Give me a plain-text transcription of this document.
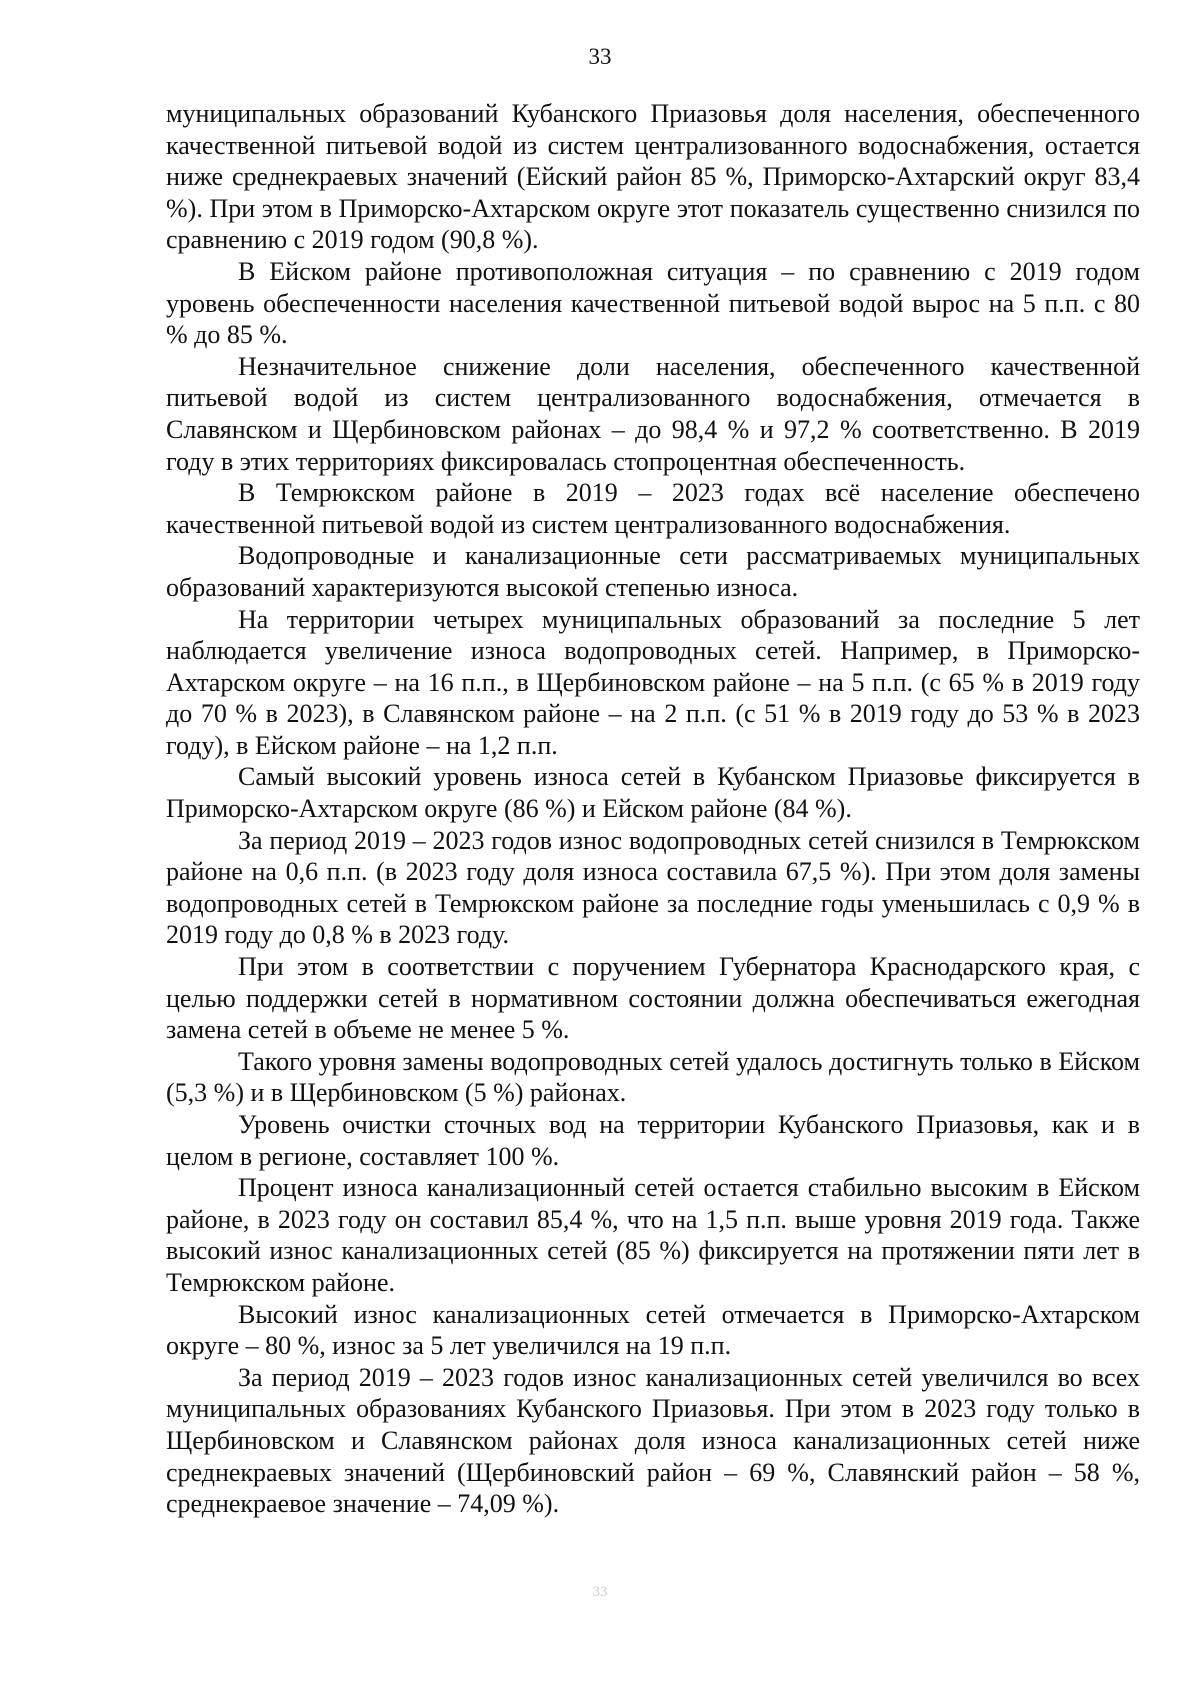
33

муниципальных образований Кубанского Приазовья доля населения, обеспеченного качественной питьевой водой из систем централизованного водоснабжения, остается ниже среднекраевых значений (Ейский район 85 %, Приморско-Ахтарский округ 83,4 %). При этом в Приморско-Ахтарском округе этот показатель существенно снизился по сравнению с 2019 годом (90,8 %).

В Ейском районе противоположная ситуация – по сравнению с 2019 годом уровень обеспеченности населения качественной питьевой водой вырос на 5 п.п. с 80 % до 85 %.

Незначительное снижение доли населения, обеспеченного качественной питьевой водой из систем централизованного водоснабжения, отмечается в Славянском и Щербиновском районах – до 98,4 % и 97,2 % соответственно. В 2019 году в этих территориях фиксировалась стопроцентная обеспеченность.

В Темрюкском районе в 2019 – 2023 годах всё население обеспечено качественной питьевой водой из систем централизованного водоснабжения.

Водопроводные и канализационные сети рассматриваемых муниципальных образований характеризуются высокой степенью износа.

На территории четырех муниципальных образований за последние 5 лет наблюдается увеличение износа водопроводных сетей. Например, в Приморско-Ахтарском округе – на 16 п.п., в Щербиновском районе – на 5 п.п. (с 65 % в 2019 году до 70 % в 2023), в Славянском районе – на 2 п.п. (с 51 % в 2019 году до 53 % в 2023 году), в Ейском районе – на 1,2 п.п.

Самый высокий уровень износа сетей в Кубанском Приазовье фиксируется в Приморско-Ахтарском округе (86 %) и Ейском районе (84 %).

За период 2019 – 2023 годов износ водопроводных сетей снизился в Темрюкском районе на 0,6 п.п. (в 2023 году доля износа составила 67,5 %). При этом доля замены водопроводных сетей в Темрюкском районе за последние годы уменьшилась с 0,9 % в 2019 году до 0,8 % в 2023 году.

При этом в соответствии с поручением Губернатора Краснодарского края, с целью поддержки сетей в нормативном состоянии должна обеспечиваться ежегодная замена сетей в объеме не менее 5 %.

Такого уровня замены водопроводных сетей удалось достигнуть только в Ейском (5,3 %) и в Щербиновском (5 %) районах.

Уровень очистки сточных вод на территории Кубанского Приазовья, как и в целом в регионе, составляет 100 %.

Процент износа канализационный сетей остается стабильно высоким в Ейском районе, в 2023 году он составил 85,4 %, что на 1,5 п.п. выше уровня 2019 года. Также высокий износ канализационных сетей (85 %) фиксируется на протяжении пяти лет в Темрюкском районе.

Высокий износ канализационных сетей отмечается в Приморско-Ахтарском округе – 80 %, износ за 5 лет увеличился на 19 п.п.

За период 2019 – 2023 годов износ канализационных сетей увеличился во всех муниципальных образованиях Кубанского Приазовья. При этом в 2023 году только в Щербиновском и Славянском районах доля износа канализационных сетей ниже среднекраевых значений (Щербиновский район – 69 %, Славянский район – 58 %, среднекраевое значение – 74,09 %).

33
